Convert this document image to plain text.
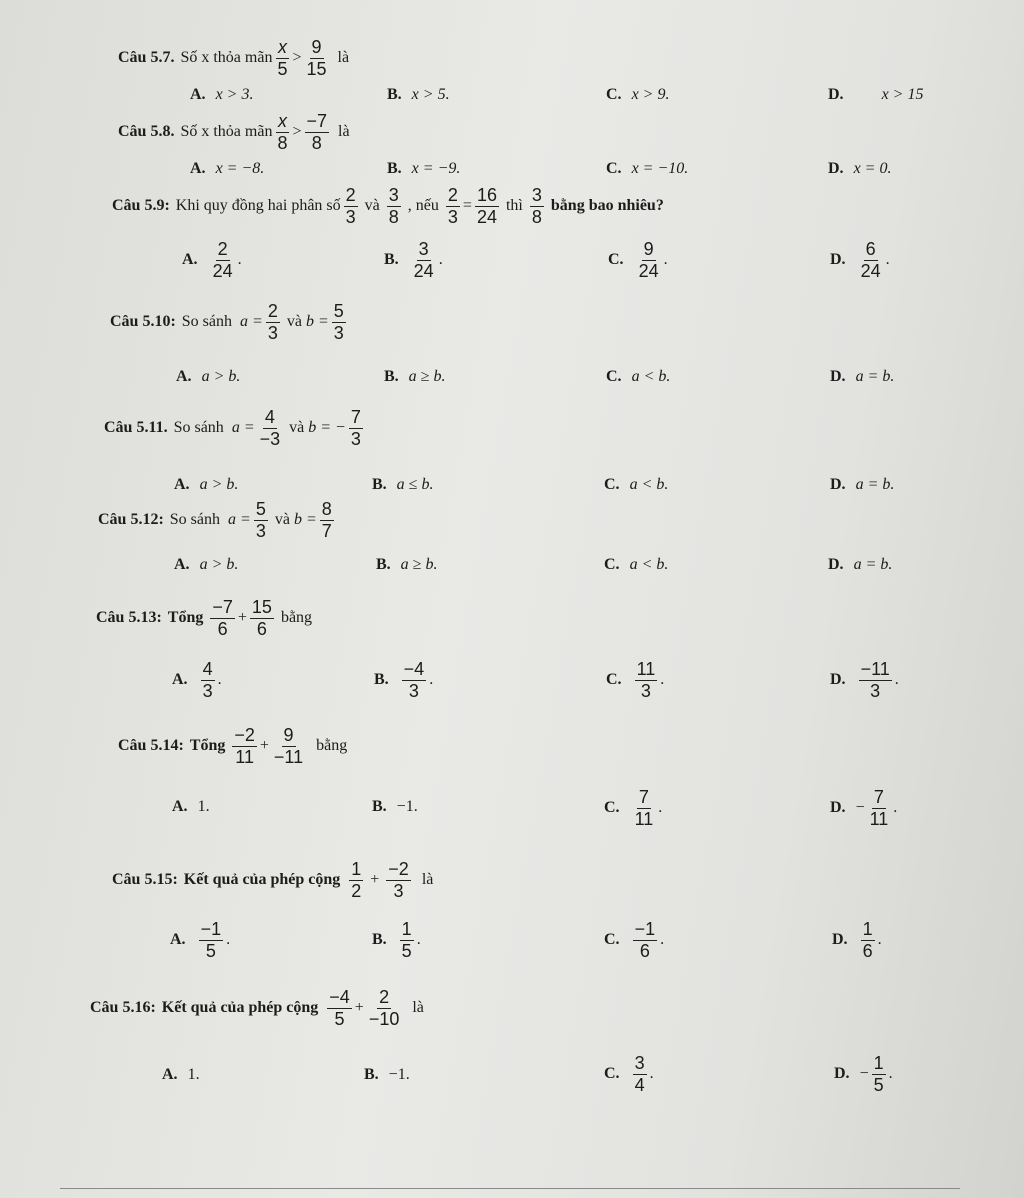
Câu 5.7. Số x thỏa mãn $\frac{x}{5} > \frac{9}{15}$ là
A. x > 3.	B. x > 5.	C. x > 9.	D. x > 15
Câu 5.8. Số x thỏa mãn $\frac{x}{8} > \frac{-7}{8}$ là
A. x = −8.	B. x = −9.	C. x = −10.	D. x = 0.
Câu 5.9: Khi quy đồng hai phân số $\frac{2}{3}$ và $\frac{3}{8}$ , nếu $\frac{2}{3} = \frac{16}{24}$ thì $\frac{3}{8}$ bằng bao nhiêu?
A. $\frac{2}{24}$ .	B. $\frac{3}{24}$ .	C. $\frac{9}{24}$ .	D. $\frac{6}{24}$ .
Câu 5.10: So sánh $a = \frac{2}{3}$ và $b = \frac{5}{3}$
A. a > b.	B. a ≥ b.	C. a < b.	D. a = b.
Câu 5.11. So sánh $a = \frac{4}{-3}$ và b = − $\frac{7}{3}$
A. a > b.	B. a ≤ b.	C. a < b.	D. a = b.
Câu 5.12: So sánh $a = \frac{5}{3}$ và $b = \frac{8}{7}$
A. a > b.	B. a ≥ b.	C. a < b.	D. a = b.
Câu 5.13: Tổng $\frac{-7}{6} + \frac{15}{6}$ bằng
A. $\frac{4}{3}$ .	B. $\frac{-4}{3}$ .	C. $\frac{11}{3}$ .	D. $\frac{-11}{3}$ .
Câu 5.14: Tổng $\frac{-2}{11} + \frac{9}{-11}$ bằng
A. 1.	B. −1.	C. $\frac{7}{11}$ .	D. − $\frac{7}{11}$ .
Câu 5.15: Kết quả của phép cộng $\frac{1}{2} + \frac{-2}{3}$ là
A. $\frac{-1}{5}$ .	B. $\frac{1}{5}$ .	C. $\frac{-1}{6}$ .	D. $\frac{1}{6}$ .
Câu 5.16: Kết quả của phép cộng $\frac{-4}{5} + \frac{2}{-10}$ là
A. 1.	B. −1.	C. $\frac{3}{4}$ .	D. − $\frac{1}{5}$ .
